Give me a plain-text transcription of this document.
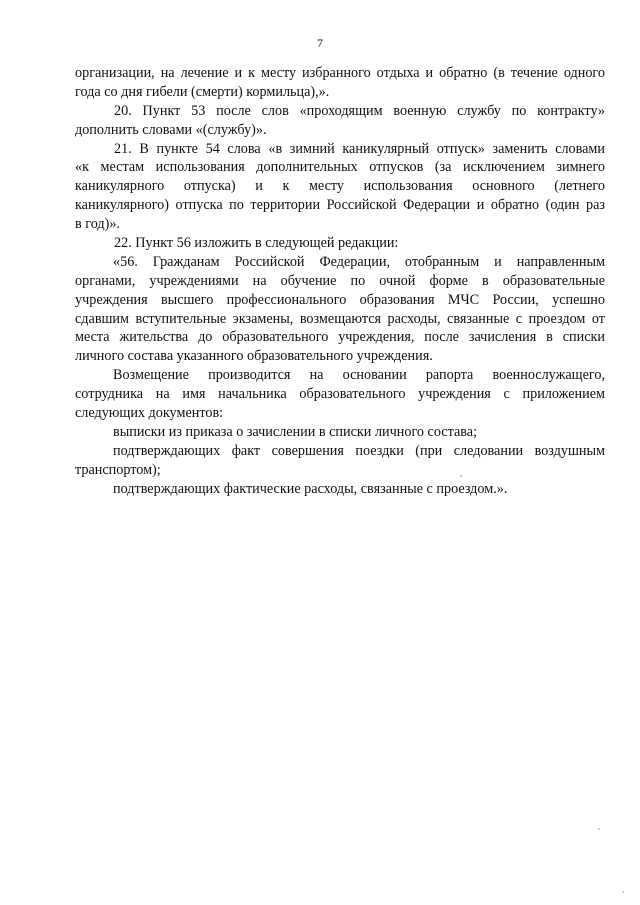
7
организации, на лечение и к месту избранного отдыха и обратно (в течение одного
года со дня гибели (смерти) кормильца),».
20. Пункт 53 после слов «проходящим военную службу по контракту»
дополнить словами «(службу)».
21. В пункте 54 слова «в зимний каникулярный отпуск» заменить словами
«к местам использования дополнительных отпусков (за исключением зимнего
каникулярного отпуска) и к месту использования основного (летнего
каникулярного) отпуска по территории Российской Федерации и обратно (один раз
в год)».
22. Пункт 56 изложить в следующей редакции:
«56. Гражданам Российской Федерации, отобранным и направленным
органами, учреждениями на обучение по очной форме в образовательные
учреждения высшего профессионального образования МЧС России, успешно
сдавшим вступительные экзамены, возмещаются расходы, связанные с проездом от
места жительства до образовательного учреждения, после зачисления в списки
личного состава указанного образовательного учреждения.
Возмещение производится на основании рапорта военнослужащего,
сотрудника на имя начальника образовательного учреждения с приложением
следующих документов:
выписки из приказа о зачислении в списки личного состава;
подтверждающих факт совершения поездки (при следовании воздушным
транспортом);
подтверждающих фактические расходы, связанные с проездом.».
